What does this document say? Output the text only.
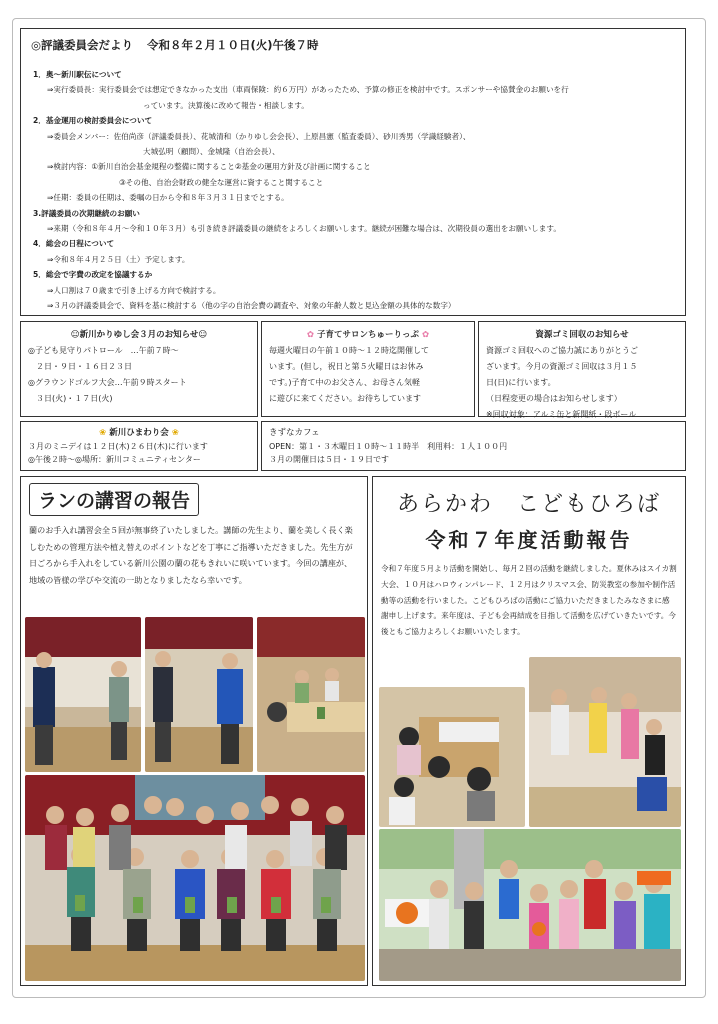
◎評議委員会だより 令和８年２月１０日(火)午後７時
1．奥～新川駅伝について
⇒実行委員長：実行委員会では想定できなかった支出（車両保険：約６万円）があったため、予算の修正を検討中です。スポンサーや協賛金のお願いを行
っています。決算後に改めて報告・相談します。
2．基金運用の検討委員会について
⇒委員会メンバー：佐伯尚彦（評議委員長）、花城清和（かりゆし会会長）、上原昌憲（監査委員）、砂川秀男（学識経験者）、
大城弘明（顧問）、金城隆（自治会長）、
⇒検討内容：①新川自治会基金規程の整備に関すること②基金の運用方針及び計画に関すること
③その他、自治会財政の健全な運営に資すること関すること
⇒任期：委員の任期は、委嘱の日から令和８年３月３１日までとする。
3.評議委員の次期継続のお願い
⇒来期（令和８年４月～令和１０年３月）も引き続き評議委員の継続をよろしくお願いします。継続が困難な場合は、次期役員の選出をお願いします。
4．総会の日程について
⇒令和８年４月２５日（土）予定します。
5．総会で字費の改定を協議するか
⇒人口割は７０歳まで引き上げる方向で検討する。
⇒３月の評議委員会で、資料を基に検討する（他の字の自治会費の調査や、対象の年齢人数と見込金額の具体的な数字）
☺新川かりゆし会３月のお知らせ☺
◎子ども見守りパトロール　…午前７時～
　２日・９日・１６日２３日
◎グラウンドゴルフ大会…午前９時スタート
　３日(火)・１７日(火)
✿ 子育てサロンちゅーりっぷ ✿
毎週火曜日の午前１０時～１２時迄開催して
います。(但し，祝日と第５火曜日はお休み
です。)子育て中のお父さん、お母さん気軽
に遊びに来てください。お待ちしています
資源ゴミ回収のお知らせ
資源ゴミ回収へのご協力誠にありがとうご
ざいます。今月の資源ゴミ回収は３月１５
日(日)に行います。
（日程変更の場合はお知らせします）
※回収対象：アルミ缶と新聞紙・段ボール
❀ 新川ひまわり会 ❀
３月のミニデイは１２日(木)２６日(木)に行います
◎午後２時～◎場所：新川コミュニティセンター
きずなカフェ
OPEN：第１・３木曜日１０時～１１時半　利用料：１人１００円
３月の開催日は５日・１９日です
ランの講習の報告

蘭のお手入れ講習会全５回が無事終了いたしました。講師の先生より、蘭を美しく長く楽しむための管理方法や植え替えのポイントなどを丁寧にご指導いただきました。先生方が日ごろから手入れをしている新川公園の蘭の花もきれいに咲いています。今回の講座が、地域の皆様の学びや交流の一助となりましたなら幸いです。

あらかわ　こどもひろば
令和７年度活動報告

令和７年度５月より活動を開始し、毎月２回の活動を継続しました。夏休みはスイカ割大会、１０月はハロウィンパレード、１２月はクリスマス会、防災教室の参加や制作活動等の活動を行いました。こどもひろばの活動にご協力いただきましたみなさまに感謝申し上げます。来年度は、子ども会再結成を目指して活動を広げていきたいです。今後ともご協力よろしくお願いいたします。
